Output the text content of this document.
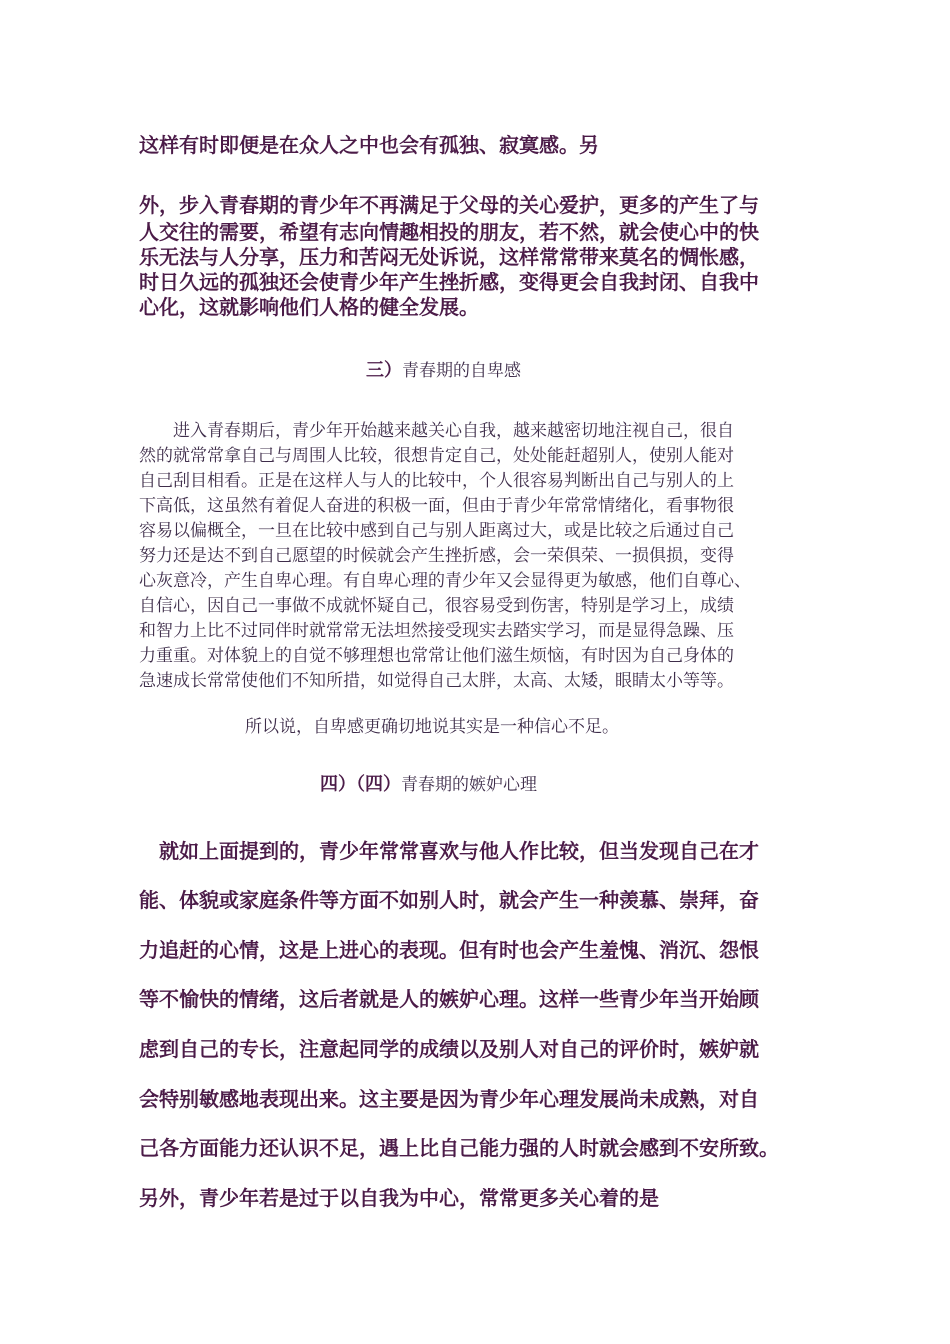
这样有时即便是在众人之中也会有孤独、寂寞感。另

外，步入青春期的青少年不再满足于父母的关心爱护，更多的产生了与

人交往的需要，希望有志向情趣相投的朋友，若不然，就会使心中的快

乐无法与人分享，压力和苦闷无处诉说，这样常常带来莫名的惆怅感，

时日久远的孤独还会使青少年产生挫折感，变得更会自我封闭、自我中

心化，这就影响他们人格的健全发展。

三）青春期的自卑感

　　进入青春期后，青少年开始越来越关心自我，越来越密切地注视自己，很自

然的就常常拿自己与周围人比较，很想肯定自己，处处能赶超别人，使别人能对

自己刮目相看。正是在这样人与人的比较中，个人很容易判断出自己与别人的上

下高低，这虽然有着促人奋进的积极一面，但由于青少年常常情绪化，看事物很

容易以偏概全，一旦在比较中感到自己与别人距离过大，或是比较之后通过自己

努力还是达不到自己愿望的时候就会产生挫折感，会一荣俱荣、一损俱损，变得

心灰意冷，产生自卑心理。有自卑心理的青少年又会显得更为敏感，他们自尊心、

自信心，因自己一事做不成就怀疑自己，很容易受到伤害，特别是学习上，成绩

和智力上比不过同伴时就常常无法坦然接受现实去踏实学习，而是显得急躁、压

力重重。对体貌上的自觉不够理想也常常让他们滋生烦恼，有时因为自己身体的

急速成长常常使他们不知所措，如觉得自己太胖，太高、太矮，眼睛太小等等。

所以说，自卑感更确切地说其实是一种信心不足。

四）（四）青春期的嫉妒心理

　就如上面提到的，青少年常常喜欢与他人作比较，但当发现自己在才

能、体貌或家庭条件等方面不如别人时，就会产生一种羡慕、崇拜，奋

力追赶的心情，这是上进心的表现。但有时也会产生羞愧、消沉、怨恨

等不愉快的情绪，这后者就是人的嫉妒心理。这样一些青少年当开始顾

虑到自己的专长，注意起同学的成绩以及别人对自己的评价时，嫉妒就

会特别敏感地表现出来。这主要是因为青少年心理发展尚未成熟，对自

己各方面能力还认识不足，遇上比自己能力强的人时就会感到不安所致。

另外，青少年若是过于以自我为中心，常常更多关心着的是
